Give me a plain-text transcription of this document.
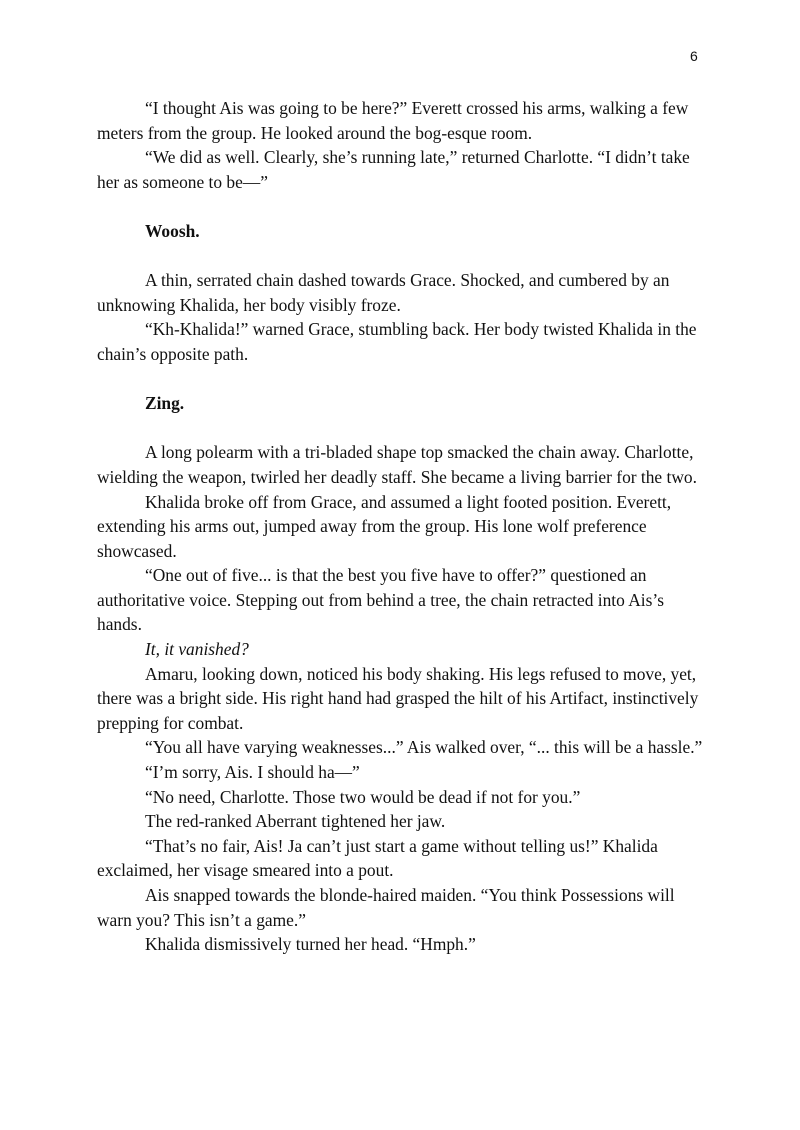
6

“I thought Ais was going to be here?” Everett crossed his arms, walking a few meters from the group. He looked around the bog-esque room.

“We did as well. Clearly, she’s running late,” returned Charlotte. “I didn’t take her as someone to be—”

Woosh.

A thin, serrated chain dashed towards Grace. Shocked, and cumbered by an unknowing Khalida, her body visibly froze.

“Kh-Khalida!” warned Grace, stumbling back. Her body twisted Khalida in the chain’s opposite path.

Zing.

A long polearm with a tri-bladed shape top smacked the chain away. Charlotte, wielding the weapon, twirled her deadly staff. She became a living barrier for the two.

Khalida broke off from Grace, and assumed a light footed position. Everett, extending his arms out, jumped away from the group. His lone wolf preference showcased.

“One out of five... is that the best you five have to offer?” questioned an authoritative voice. Stepping out from behind a tree, the chain retracted into Ais’s hands.

It, it vanished?

Amaru, looking down, noticed his body shaking. His legs refused to move, yet, there was a bright side. His right hand had grasped the hilt of his Artifact, instinctively prepping for combat.

“You all have varying weaknesses...” Ais walked over, “... this will be a hassle.”

“I’m sorry, Ais. I should ha—”

“No need, Charlotte. Those two would be dead if not for you.”

The red-ranked Aberrant tightened her jaw.

“That’s no fair, Ais! Ja can’t just start a game without telling us!” Khalida exclaimed, her visage smeared into a pout.

Ais snapped towards the blonde-haired maiden. “You think Possessions will warn you? This isn’t a game.”

Khalida dismissively turned her head. “Hmph.”
